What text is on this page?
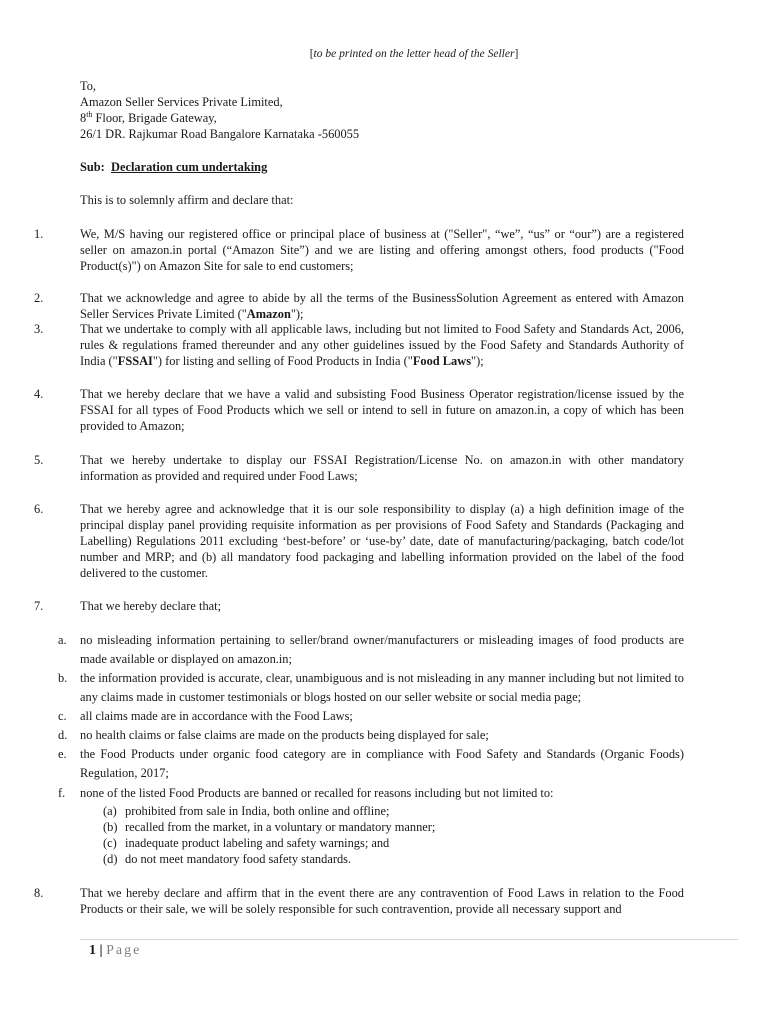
[to be printed on the letter head of the Seller]
To,
Amazon Seller Services Private Limited,
8th Floor, Brigade Gateway,
26/1 DR. Rajkumar Road Bangalore Karnataka -560055
Sub: Declaration cum undertaking
This is to solemnly affirm and declare that:
1.	We, M/S having our registered office or principal place of business at ("Seller", “we”, “us” or “our”) are a registered seller on amazon.in portal (“Amazon Site”) and we are listing and offering amongst others, food products ("Food Product(s)") on Amazon Site for sale to end customers;
2.	That we acknowledge and agree to abide by all the terms of the BusinessSolution Agreement as entered with Amazon Seller Services Private Limited ("Amazon");
3.	That we undertake to comply with all applicable laws, including but not limited to Food Safety and Standards Act, 2006, rules & regulations framed thereunder and any other guidelines issued by the Food Safety and Standards Authority of India ("FSSAI") for listing and selling of Food Products in India ("Food Laws");
4.	That we hereby declare that we have a valid and subsisting Food Business Operator registration/license issued by the FSSAI for all types of Food Products which we sell or intend to sell in future on amazon.in, a copy of which has been provided to Amazon;
5.	That we hereby undertake to display our FSSAI Registration/License No. on amazon.in with other mandatory information as provided and required under Food Laws;
6.	That we hereby agree and acknowledge that it is our sole responsibility to display (a) a high definition image of the principal display panel providing requisite information as per provisions of Food Safety and Standards (Packaging and Labelling) Regulations 2011 excluding ‘best-before’ or ‘use-by’ date, date of manufacturing/packaging, batch code/lot number and MRP; and (b) all mandatory food packaging and labelling information provided on the label of the food delivered to the customer.
7.	That we hereby declare that;
a. no misleading information pertaining to seller/brand owner/manufacturers or misleading images of food products are made available or displayed on amazon.in;
b. the information provided is accurate, clear, unambiguous and is not misleading in any manner including but not limited to any claims made in customer testimonials or blogs hosted on our seller website or social media page;
c. all claims made are in accordance with the Food Laws;
d. no health claims or false claims are made on the products being displayed for sale;
e. the Food Products under organic food category are in compliance with Food Safety and Standards (Organic Foods) Regulation, 2017;
f. none of the listed Food Products are banned or recalled for reasons including but not limited to:
(a) prohibited from sale in India, both online and offline;
(b) recalled from the market, in a voluntary or mandatory manner;
(c) inadequate product labeling and safety warnings; and
(d) do not meet mandatory food safety standards.
8.	That we hereby declare and affirm that in the event there are any contravention of Food Laws in relation to the Food Products or their sale, we will be solely responsible for such contravention, provide all necessary support and
1 | Page
